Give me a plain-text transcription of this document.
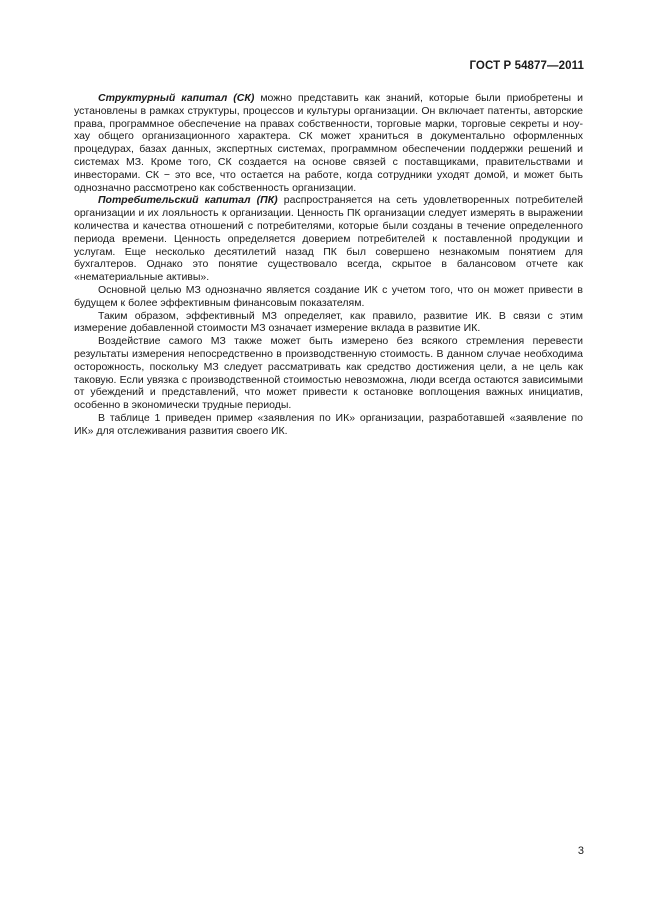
ГОСТ Р 54877—2011

Структурный капитал (СК) можно представить как знаний, которые были приобретены и установлены в рамках структуры, процессов и культуры организации. Он включает патенты, авторские права, программное обеспечение на правах собственности, торговые марки, торговые секреты и ноу-хау общего организационного характера. СК может храниться в документально оформленных процедурах, базах данных, экспертных системах, программном обеспечении поддержки решений и системах МЗ. Кроме того, СК создается на основе связей с поставщиками, правительствами и инвесторами. СК − это все, что остается на работе, когда сотрудники уходят домой, и может быть однозначно рассмотрено как собственность организации.

Потребительский капитал (ПК) распространяется на сеть удовлетворенных потребителей организации и их лояльность к организации. Ценность ПК организации следует измерять в выражении количества и качества отношений с потребителями, которые были созданы в течение определенного периода времени. Ценность определяется доверием потребителей к поставленной продукции и услугам. Еще несколько десятилетий назад ПК был совершено незнакомым понятием для бухгалтеров. Однако это понятие существовало всегда, скрытое в балансовом отчете как «нематериальные активы».

Основной целью МЗ однозначно является создание ИК с учетом того, что он может привести в будущем к более эффективным финансовым показателям.

Таким образом, эффективный МЗ определяет, как правило, развитие ИК. В связи с этим измерение добавленной стоимости МЗ означает измерение вклада в развитие ИК.

Воздействие самого МЗ также может быть измерено без всякого стремления перевести результаты измерения непосредственно в производственную стоимость. В данном случае необходима осторожность, поскольку МЗ следует рассматривать как средство достижения цели, а не цель как таковую. Если увязка с производственной стоимостью невозможна, люди всегда остаются зависимыми от убеждений и представлений, что может привести к остановке воплощения важных инициатив, особенно в экономически трудные периоды.

В таблице 1 приведен пример «заявления по ИК» организации, разработавшей «заявление по ИК» для отслеживания развития своего ИК.

3
